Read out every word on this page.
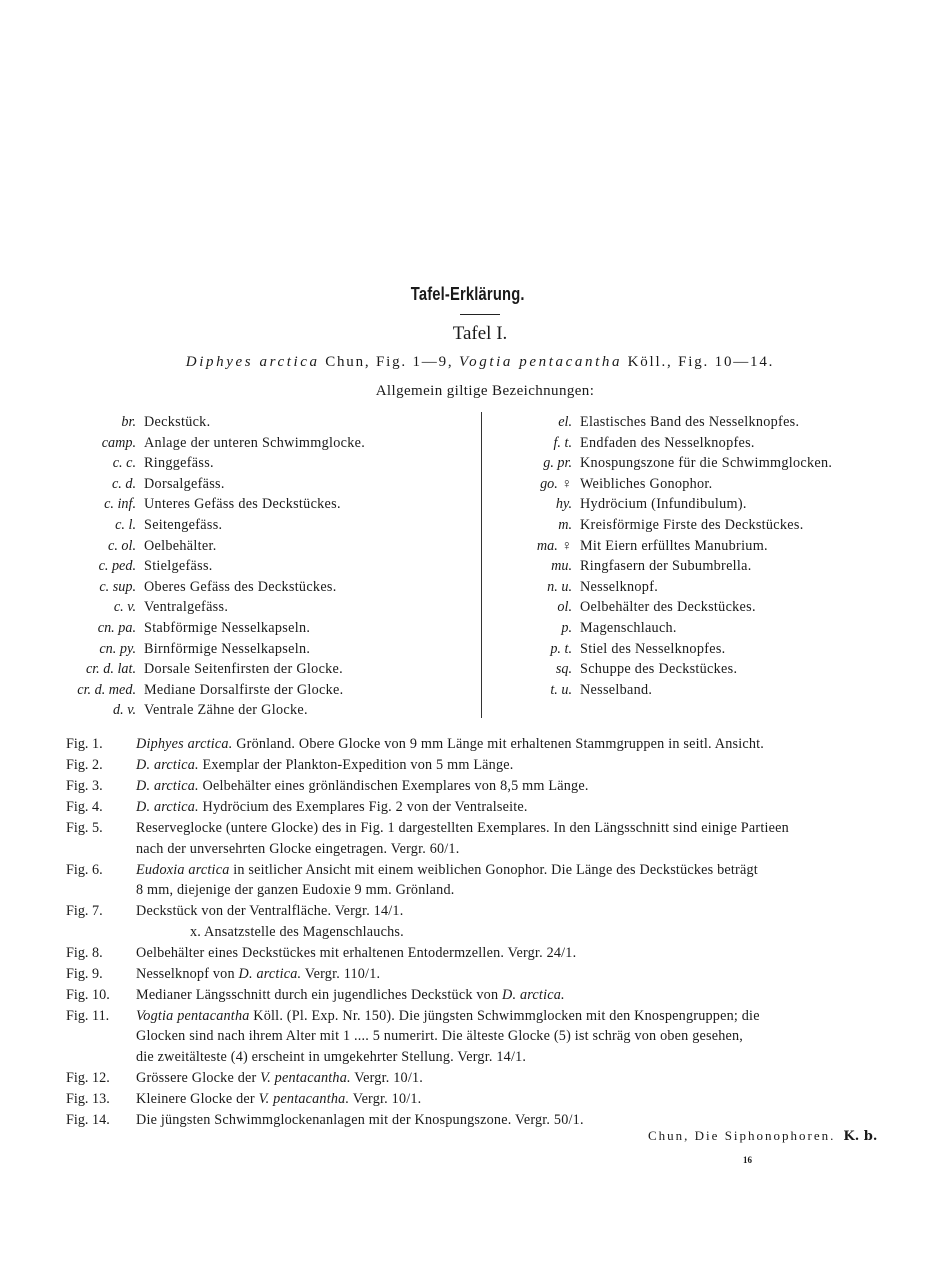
Tafel-Erklärung.
Tafel I.
Diphyes arctica Chun, Fig. 1—9, Vogtia pentacantha Köll., Fig. 10—14.
Allgemein giltige Bezeichnungen:
br. Deckstück.
camp. Anlage der unteren Schwimmglocke.
c. c. Ringgefäss.
c. d. Dorsalgefäss.
c. inf. Unteres Gefäss des Deckstückes.
c. l. Seitengefäss.
c. ol. Oelbehälter.
c. ped. Stielgefäss.
c. sup. Oberes Gefäss des Deckstückes.
c. v. Ventralgefäss.
cn. pa. Stabförmige Nesselkapseln.
cn. py. Birnförmige Nesselkapseln.
cr. d. lat. Dorsale Seitenfirsten der Glocke.
cr. d. med. Mediane Dorsalfirste der Glocke.
d. v. Ventrale Zähne der Glocke.
el. Elastisches Band des Nesselknopfes.
f. t. Endfaden des Nesselknopfes.
g. pr. Knospungszone für die Schwimmglocken.
go. ♀ Weibliches Gonophor.
hy. Hydröcium (Infundibulum).
m. Kreisförmige Firste des Deckstückes.
ma. ♀ Mit Eiern erfülltes Manubrium.
mu. Ringfasern der Subumbrella.
n. u. Nesselknopf.
ol. Oelbehälter des Deckstückes.
p. Magenschlauch.
p. t. Stiel des Nesselknopfes.
sq. Schuppe des Deckstückes.
t. u. Nesselband.
Fig. 1.	Diphyes arctica. Grönland. Obere Glocke von 9 mm Länge mit erhaltenen Stammgruppen in seitl. Ansicht.
Fig. 2.	D. arctica. Exemplar der Plankton-Expedition von 5 mm Länge.
Fig. 3.	D. arctica. Oelbehälter eines grönländischen Exemplares von 8,5 mm Länge.
Fig. 4.	D. arctica. Hydröcium des Exemplares Fig. 2 von der Ventralseite.
Fig. 5.	Reserveglocke (untere Glocke) des in Fig. 1 dargestellten Exemplares. In den Längsschnitt sind einige Partieen
nach der unversehrten Glocke eingetragen. Vergr. 60/1.
Fig. 6.	Eudoxia arctica in seitlicher Ansicht mit einem weiblichen Gonophor. Die Länge des Deckstückes beträgt
8 mm, diejenige der ganzen Eudoxie 9 mm. Grönland.
Fig. 7.	Deckstück von der Ventralfläche. Vergr. 14/1.
x. Ansatzstelle des Magenschlauchs.
Fig. 8.	Oelbehälter eines Deckstückes mit erhaltenen Entodermzellen. Vergr. 24/1.
Fig. 9.	Nesselknopf von D. arctica. Vergr. 110/1.
Fig. 10.	Medianer Längsschnitt durch ein jugendliches Deckstück von D. arctica.
Fig. 11.	Vogtia pentacantha Köll. (Pl. Exp. Nr. 150). Die jüngsten Schwimmglocken mit den Knospengruppen; die
Glocken sind nach ihrem Alter mit 1 .... 5 numerirt. Die älteste Glocke (5) ist schräg von oben gesehen,
die zweitälteste (4) erscheint in umgekehrter Stellung. Vergr. 14/1.
Fig. 12.	Grössere Glocke der V. pentacantha. Vergr. 10/1.
Fig. 13.	Kleinere Glocke der V. pentacantha. Vergr. 10/1.
Fig. 14.	Die jüngsten Schwimmglockenanlagen mit der Knospungszone. Vergr. 50/1.
Chun, Die Siphonophoren. K. b.
16
